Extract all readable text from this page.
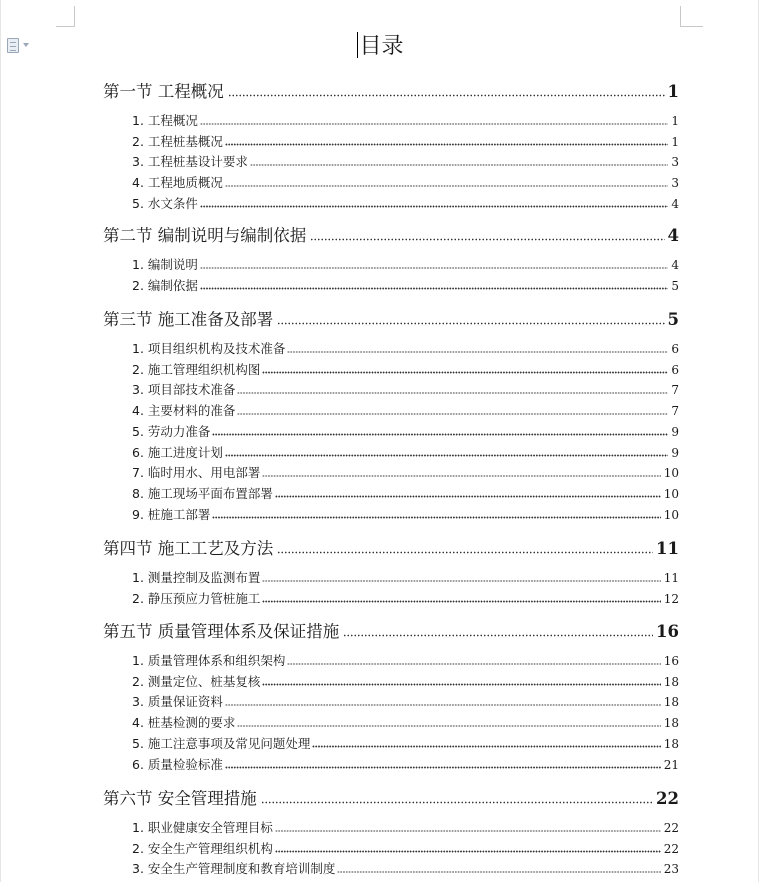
目录
第一节 工程概况	1
1. 工程概况	1
2. 工程桩基概况	1
3. 工程桩基设计要求	3
4. 工程地质概况	3
5. 水文条件	4
第二节 编制说明与编制依据	4
1. 编制说明	4
2. 编制依据	5
第三节 施工准备及部署	5
1. 项目组织机构及技术准备	6
2. 施工管理组织机构图	6
3. 项目部技术准备	7
4. 主要材料的准备	7
5. 劳动力准备	9
6. 施工进度计划	9
7. 临时用水、用电部署	10
8. 施工现场平面布置部署	10
9. 桩施工部署	10
第四节 施工工艺及方法	11
1. 测量控制及监测布置	11
2. 静压预应力管桩施工	12
第五节 质量管理体系及保证措施	16
1. 质量管理体系和组织架构	16
2. 测量定位、桩基复核	18
3. 质量保证资料	18
4. 桩基检测的要求	18
5. 施工注意事项及常见问题处理	18
6. 质量检验标准	21
第六节 安全管理措施	22
1. 职业健康安全管理目标	22
2. 安全生产管理组织机构	22
3. 安全生产管理制度和教育培训制度	23
